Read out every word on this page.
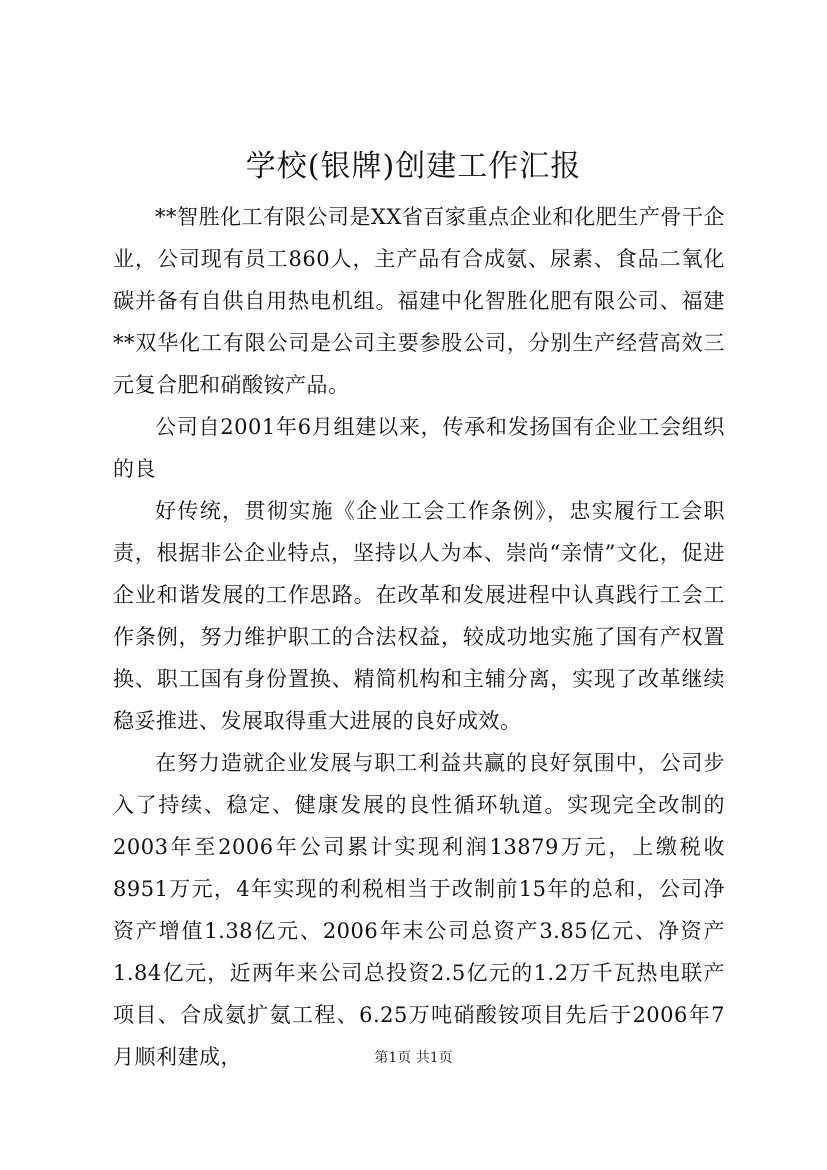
学校(银牌)创建工作汇报

**智胜化工有限公司是XX省百家重点企业和化肥生产骨干企业，公司现有员工860人，主产品有合成氨、尿素、食品二氧化碳并备有自供自用热电机组。福建中化智胜化肥有限公司、福建**双华化工有限公司是公司主要参股公司，分别生产经营高效三元复合肥和硝酸铵产品。

公司自2001年6月组建以来，传承和发扬国有企业工会组织的良

好传统，贯彻实施《企业工会工作条例》，忠实履行工会职责，根据非公企业特点，坚持以人为本、崇尚“亲情”文化，促进企业和谐发展的工作思路。在改革和发展进程中认真践行工会工作条例，努力维护职工的合法权益，较成功地实施了国有产权置换、职工国有身份置换、精简机构和主辅分离，实现了改革继续稳妥推进、发展取得重大进展的良好成效。

在努力造就企业发展与职工利益共赢的良好氛围中，公司步入了持续、稳定、健康发展的良性循环轨道。实现完全改制的2003年至2006年公司累计实现利润13879万元，上缴税收8951万元，4年实现的利税相当于改制前15年的总和，公司净资产增值1.38亿元、2006年末公司总资产3.85亿元、净资产1.84亿元，近两年来公司总投资2.5亿元的1.2万千瓦热电联产项目、合成氨扩氨工程、6.25万吨硝酸铵项目先后于2006年7月顺利建成，	第1页 共1页
